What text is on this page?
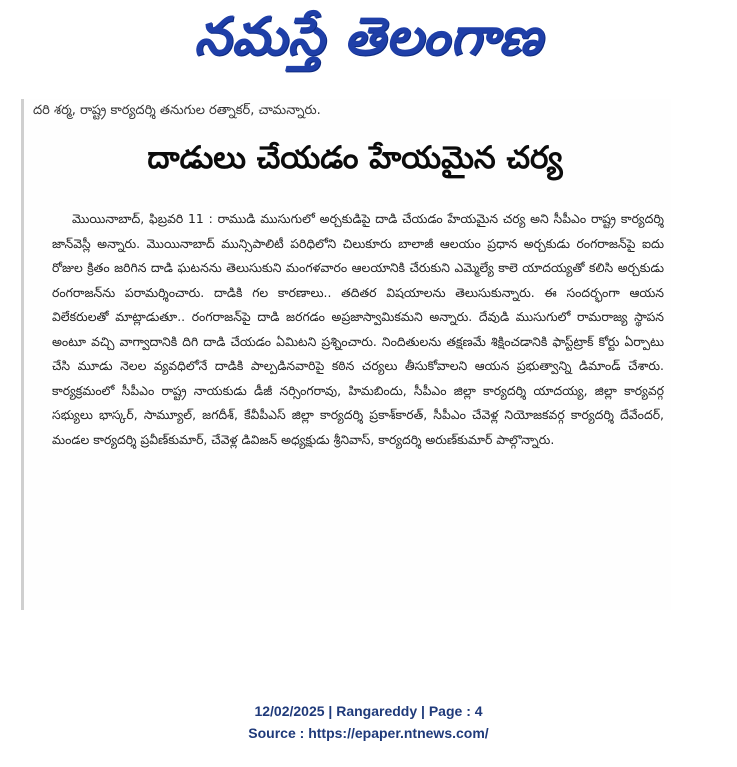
నమస్తే తెలంగాణ
దరి శర్మ, రాష్ట్ర కార్యదర్శి తనుగుల రత్నాకర్, చామన్నారు.
దాడులు చేయడం హేయమైన చర్య

మొయినాబాద్, ఫిబ్రవరి 11 : రాముడి ముసుగులో అర్చకుడిపై దాడి చేయడం హేయమైన చర్య అని సీపీఎం రాష్ట్ర కార్యదర్శి జాన్‌వెస్లీ అన్నారు. మొయినాబాద్ మున్సిపాలిటీ పరిధిలోని చిలుకూరు బాలాజీ ఆలయం ప్రధాన అర్చకుడు రంగరాజన్‌పై ఐదు రోజుల క్రితం జరిగిన దాడి ఘటనను తెలుసుకుని మంగళవారం ఆలయానికి చేరుకుని ఎమ్మెల్యే కాలె యాదయ్యతో కలిసి అర్చకుడు రంగరాజన్‌ను పరామర్శించారు. దాడికి గల కారణాలు.. తదితర విషయాలను తెలుసుకున్నారు. ఈ సందర్భంగా ఆయన విలేకరులతో మాట్లాడుతూ.. రంగరాజన్‌పై దాడి జరగడం అప్రజాస్వామికమని అన్నారు. దేవుడి ముసుగులో రామరాజ్య స్థాపన అంటూ వచ్చి వాగ్వాదానికి దిగి దాడి చేయడం ఏమిటని ప్రశ్నించారు. నిందితులను తక్షణమే శిక్షించడానికి ఫాస్ట్‌ట్రాక్ కోర్టు ఏర్పాటు చేసి మూడు నెలల వ్యవధిలోనే దాడికి పాల్పడినవారిపై కఠిన చర్యలు తీసుకోవాలని ఆయన ప్రభుత్వాన్ని డిమాండ్ చేశారు. కార్యక్రమంలో సీపీఎం రాష్ట్ర నాయకుడు డీజీ నర్సింగరావు, హిమబిందు, సీపీఎం జిల్లా కార్యదర్శి యాదయ్య, జిల్లా కార్యవర్గ సభ్యులు భాస్కర్, సామ్యూల్, జగదీశ్, కేవీపీఎస్ జిల్లా కార్యదర్శి ప్రకాశ్‌కారత్, సీపీఎం చేవెళ్ల నియోజకవర్గ కార్యదర్శి దేవేందర్, మండల కార్యదర్శి ప్రవీణ్‌కుమార్, చేవెళ్ల డివిజన్ అధ్యక్షుడు శ్రీనివాస్, కార్యదర్శి అరుణ్‌కుమార్ పాల్గొన్నారు.

12/02/2025 | Rangareddy | Page : 4
Source : https://epaper.ntnews.com/
